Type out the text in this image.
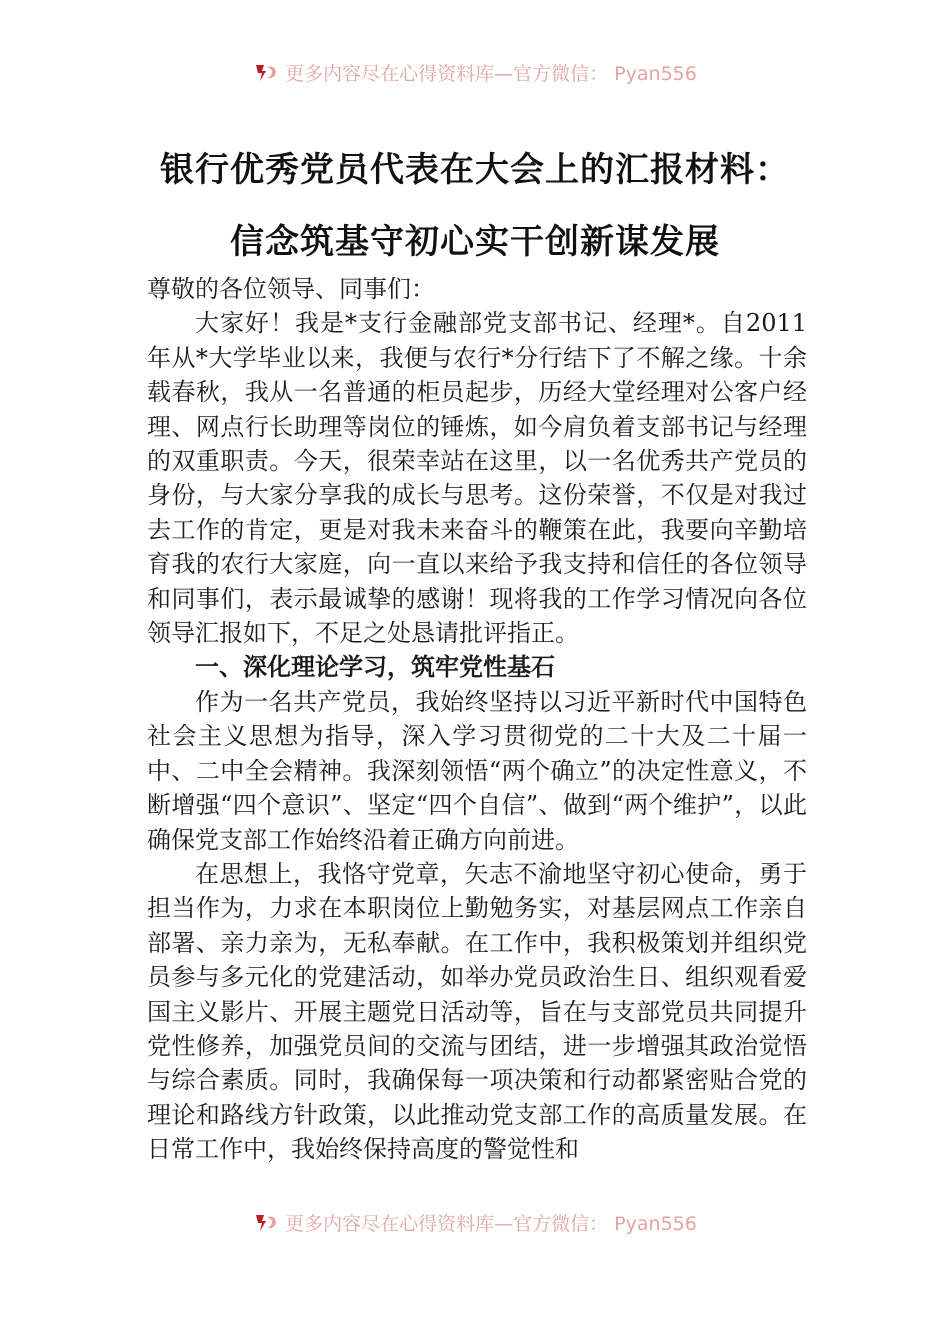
更多内容尽在心得资料库—官方微信： Pyan556
银行优秀党员代表在大会上的汇报材料：
信念筑基守初心实干创新谋发展

尊敬的各位领导、同事们：

大家好！我是*支行金融部党支部书记、经理*。自2011年从*大学毕业以来，我便与农行*分行结下了不解之缘。十余载春秋，我从一名普通的柜员起步，历经大堂经理对公客户经理、网点行长助理等岗位的锤炼，如今肩负着支部书记与经理的双重职责。今天，很荣幸站在这里，以一名优秀共产党员的身份，与大家分享我的成长与思考。这份荣誉，不仅是对我过去工作的肯定，更是对我未来奋斗的鞭策在此，我要向辛勤培育我的农行大家庭，向一直以来给予我支持和信任的各位领导和同事们，表示最诚挚的感谢！现将我的工作学习情况向各位领导汇报如下，不足之处恳请批评指正。

一、深化理论学习，筑牢党性基石

作为一名共产党员，我始终坚持以习近平新时代中国特色社会主义思想为指导，深入学习贯彻党的二十大及二十届一中、二中全会精神。我深刻领悟“两个确立”的决定性意义，不断增强“四个意识”、坚定“四个自信”、做到“两个维护”，以此确保党支部工作始终沿着正确方向前进。

在思想上，我恪守党章，矢志不渝地坚守初心使命，勇于担当作为，力求在本职岗位上勤勉务实，对基层网点工作亲自部署、亲力亲为，无私奉献。在工作中，我积极策划并组织党员参与多元化的党建活动，如举办党员政治生日、组织观看爱国主义影片、开展主题党日活动等，旨在与支部党员共同提升党性修养，加强党员间的交流与团结，进一步增强其政治觉悟与综合素质。同时，我确保每一项决策和行动都紧密贴合党的理论和路线方针政策，以此推动党支部工作的高质量发展。在日常工作中，我始终保持高度的警觉性和

更多内容尽在心得资料库—官方微信： Pyan556
